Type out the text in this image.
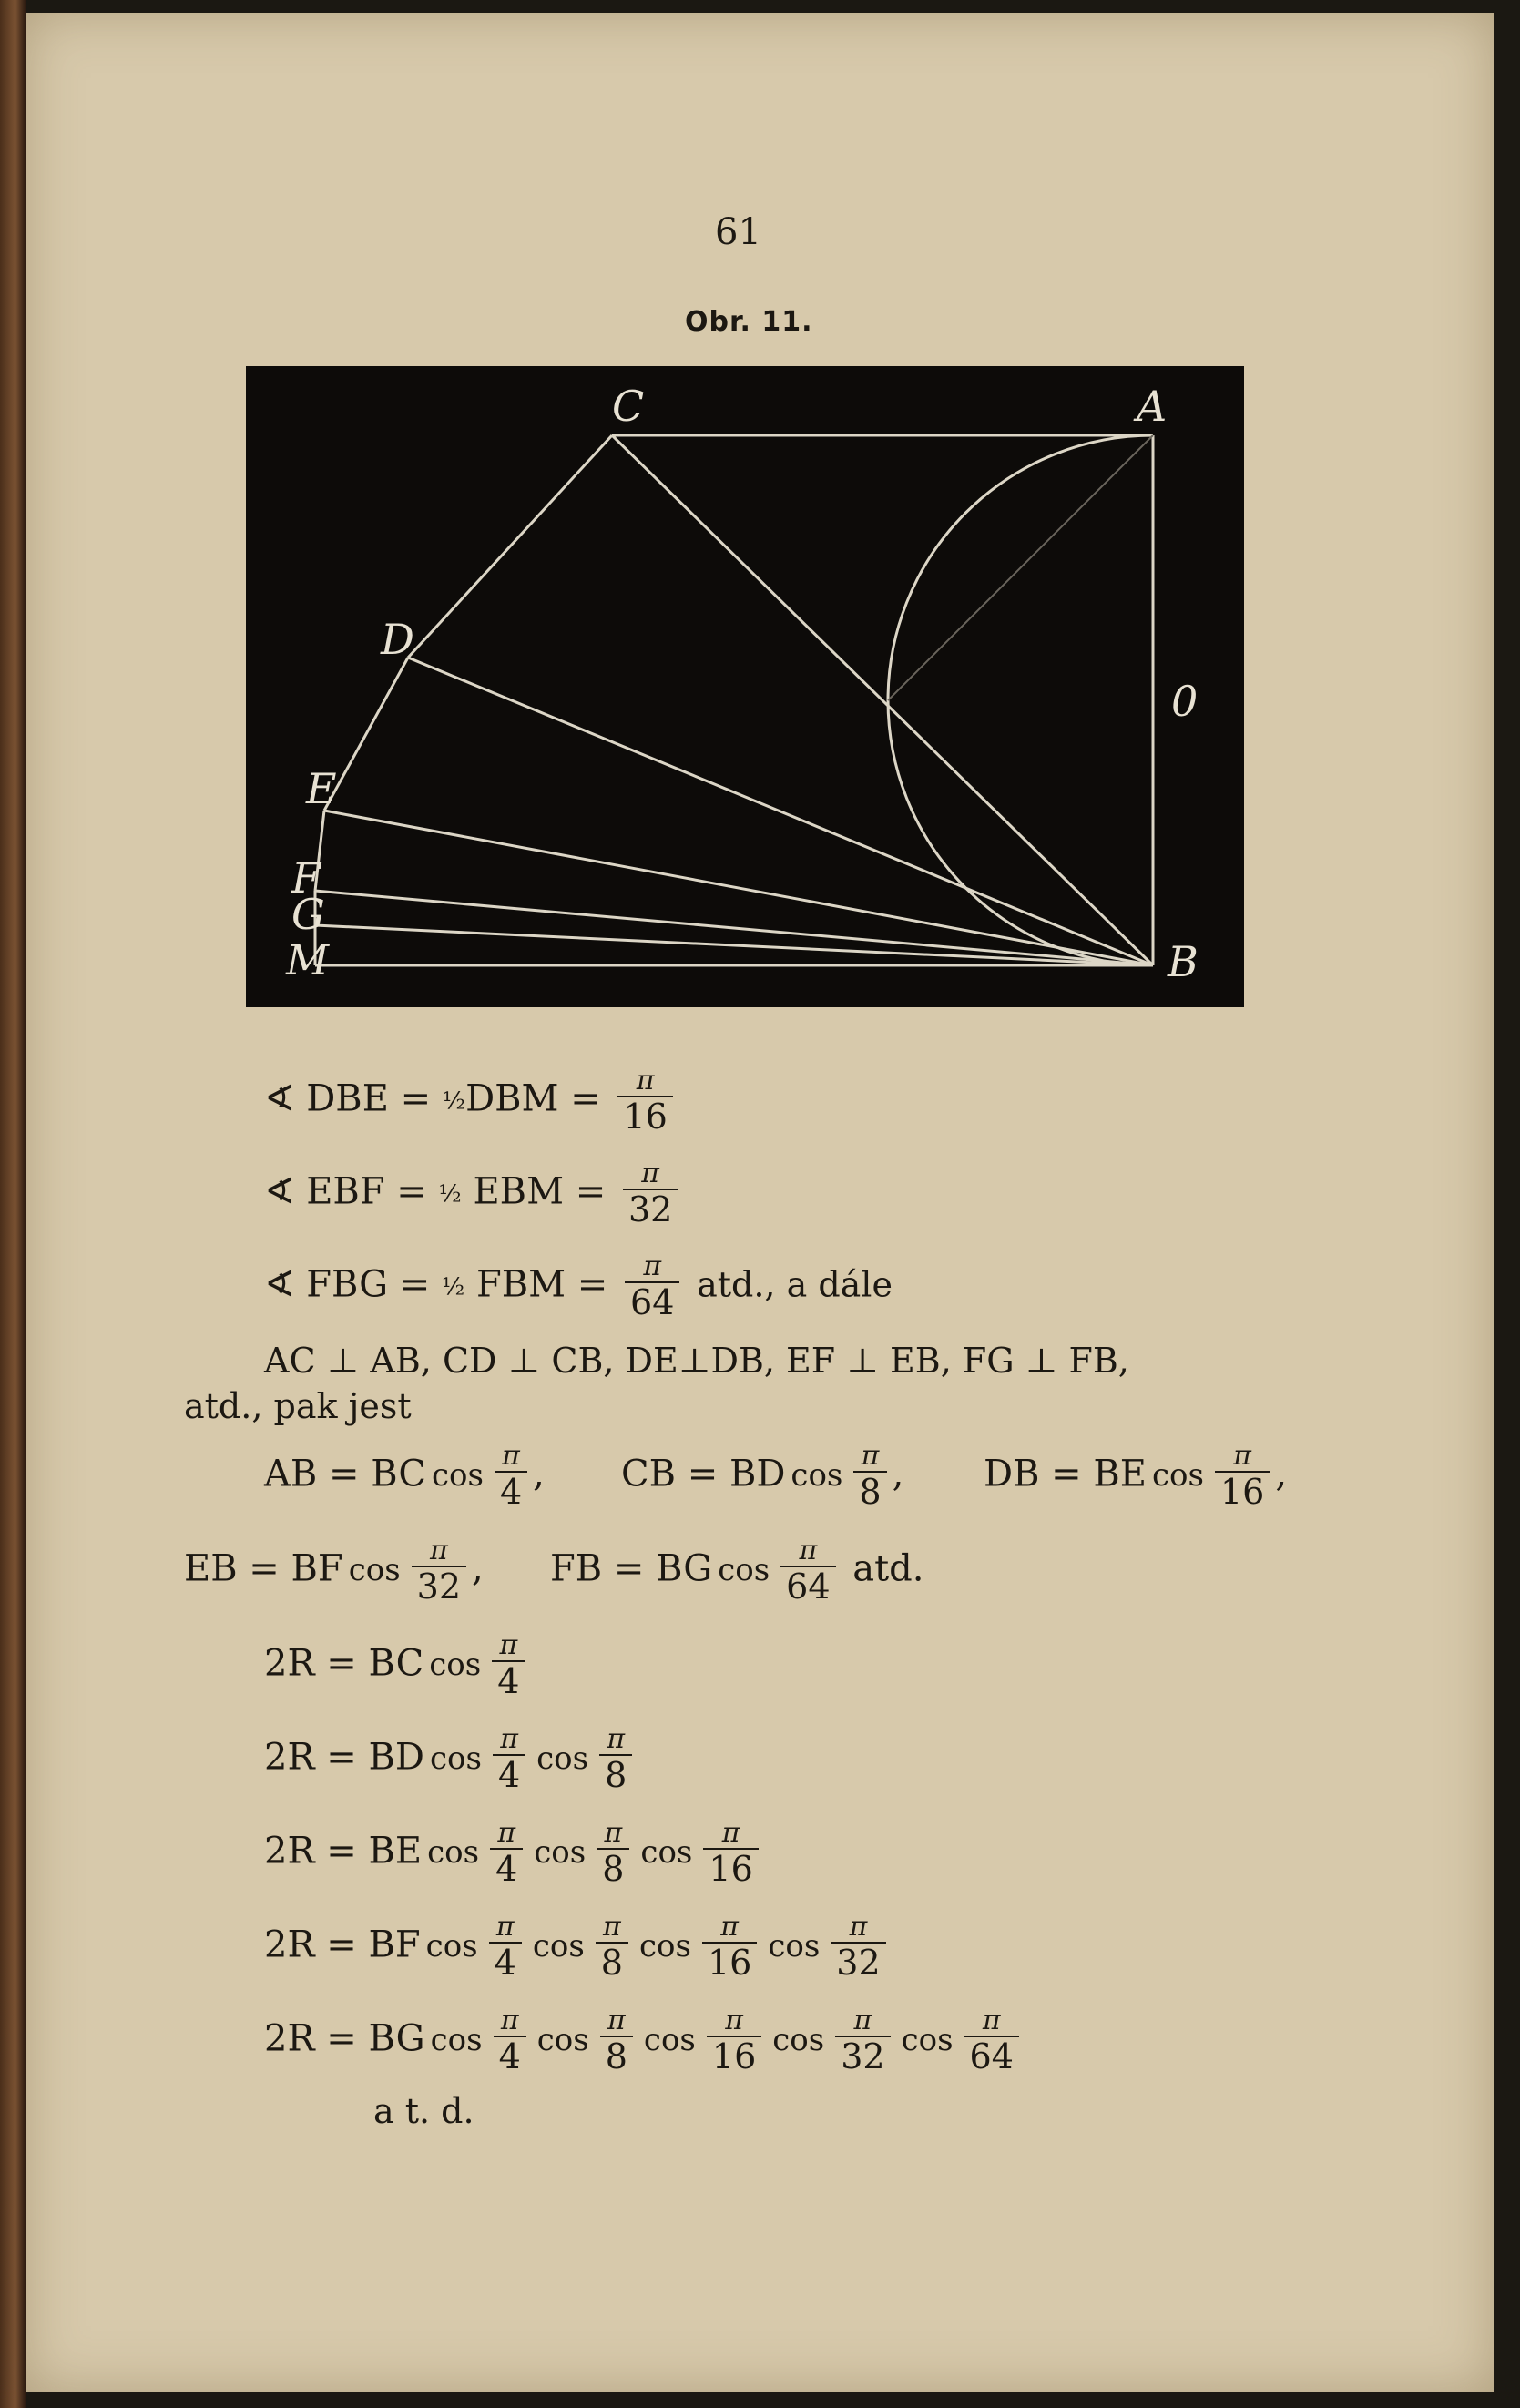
61
Obr. 11.
C	A
D
0
E
F
G
M	B
∢ DBE = ½DBM = $\frac{\pi}{16}$
∢ EBF = ½ EBM = $\frac{\pi}{32}$
∢ FBG = ½ FBM = $\frac{\pi}{64}$ atd., a dále
AC ⊥ AB, CD ⊥ CB, DE⊥DB, EF ⊥ EB, FG ⊥ FB,
atd., pak jest
AB = BC $\cos \frac{\pi}{4}$ , CB = BD $\cos \frac{\pi}{8}$ , DB = BE $\cos \frac{\pi}{16}$ ,
EB = BF $\cos \frac{\pi}{32}$ , FB = BG $\cos \frac{\pi}{64}$ atd.
2R = BC $\cos \frac{\pi}{4}$
2R = BD $\cos \frac{\pi}{4}$ $\cos \frac{\pi}{8}$
2R = BE $\cos \frac{\pi}{4}$ $\cos \frac{\pi}{8}$ $\cos \frac{\pi}{16}$
2R = BF $\cos \frac{\pi}{4}$ $\cos \frac{\pi}{8}$ $\cos \frac{\pi}{16}$ $\cos \frac{\pi}{32}$
2R = BG $\cos \frac{\pi}{4}$ $\cos \frac{\pi}{8}$ $\cos \frac{\pi}{16}$ $\cos \frac{\pi}{32}$ $\cos \frac{\pi}{64}$
a t. d.
